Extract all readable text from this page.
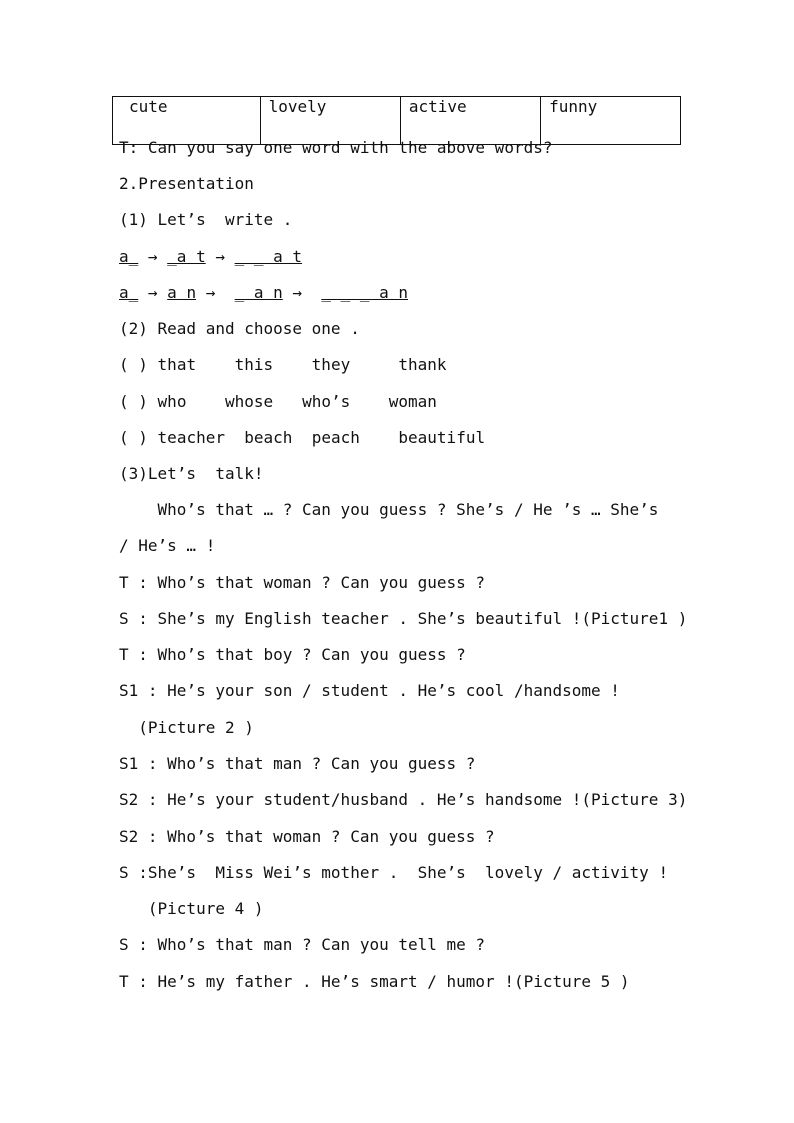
cute	lovely	active	funny
T: Can you say one word with the above words?
2.Presentation
(1) Let’s  write .
a_ → _a t → _ _ a t
a_ → a n →  _ a n →  _ _ _ a n
(2) Read and choose one .
( ) that this they	thank
( ) who whose who’s woman
( ) teacher beach peach beautiful
(3)Let’s  talk!
Who’s that … ? Can you guess ? She’s / He ’s … She’s
/ He’s … !
T : Who’s that woman ? Can you guess ?
S : She’s my English teacher . She’s beautiful !(Picture1 )
T : Who’s that boy ? Can you guess ?
S1 : He’s your son / student . He’s cool /handsome !
(Picture 2 )
S1 : Who’s that man ? Can you guess ?
S2 : He’s your student/husband . He’s handsome !(Picture 3)
S2 : Who’s that woman ? Can you guess ?
S :She’s  Miss Wei’s mother .  She’s  lovely / activity !
(Picture 4 )
S : Who’s that man ? Can you tell me ?
T : He’s my father . He’s smart / humor !(Picture 5 )
